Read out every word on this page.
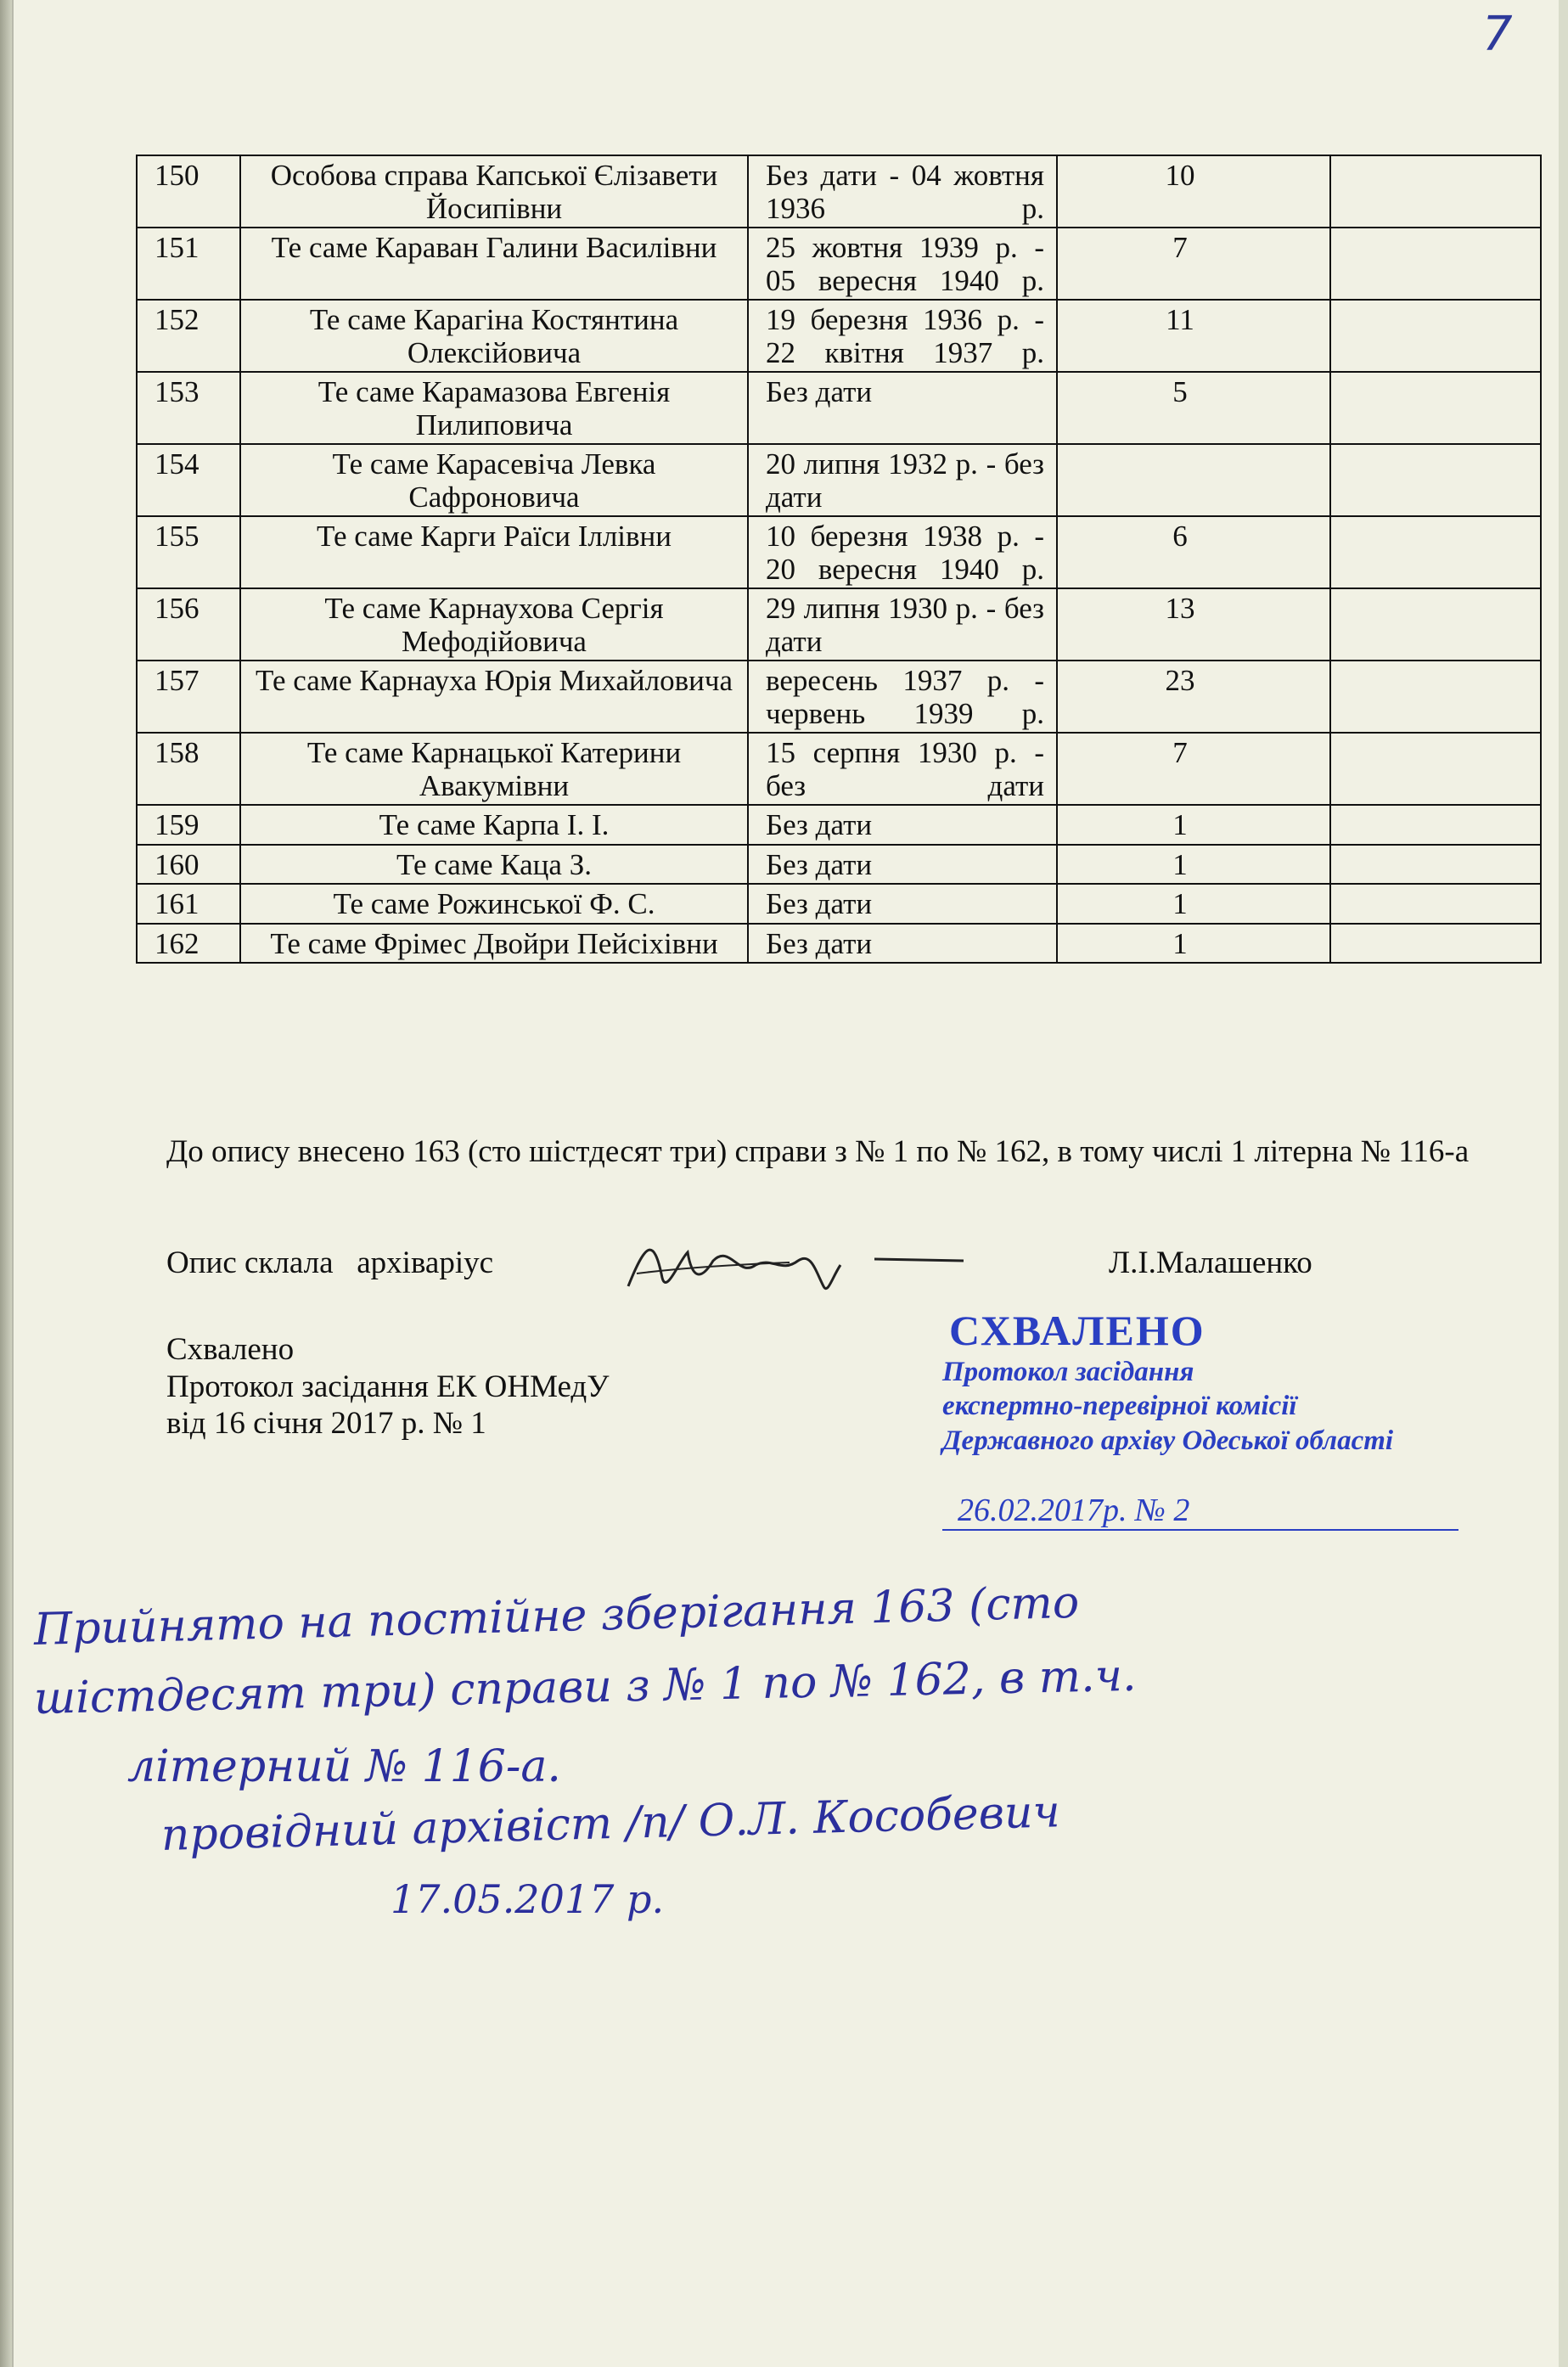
7
150	Особова справа Капської Єлізавети Йосипівни	Без дати - 04 жовтня 1936 р.	10	
151	Те саме Караван Галини Василівни	25 жовтня 1939 р. - 05 вересня 1940 р.	7	
152	Те саме Карагіна Костянтина Олексійовича	19 березня 1936 р. - 22 квітня 1937 р.	11	
153	Те саме Карамазова Евгенія Пилиповича	Без дати	5	
154	Те саме Карасевіча Левка Сафроновича	20 липня 1932 р. - без дати		
155	Те саме Карги Раїси Іллівни	10 березня 1938 р. - 20 вересня 1940 р.	6	
156	Те саме Карнаухова Сергія Мефодійовича	29 липня 1930 р. - без дати	13	
157	Те саме Карнауха Юрія Михайловича	вересень 1937 р. - червень 1939 р.	23	
158	Те саме Карнацької Катерини Авакумівни	15 серпня 1930 р. - без дати	7	
159	Те саме Карпа І. І.	Без дати	1	
160	Те саме Каца З.	Без дати	1	
161	Те саме Рожинської Ф. С.	Без дати	1	
162	Те саме Фрімес Двойри Пейсіхівни	Без дати	1	
До опису внесено 163 (сто шістдесят три) справи з № 1 по № 162, в тому числі 1 літерна № 116-а
Опис склала   архіваріус	Л.І.Малашенко
Схвалено
Протокол засідання ЕК ОНМедУ
від 16 січня 2017 р. № 1
СХВАЛЕНО
Протокол засідання
експертно-перевірної комісії
Державного архіву Одеської області
26.02.2017р. № 2
Прийнято на постійне зберігання 163 (сто
шістдесят три) справи з № 1 по № 162, в т.ч.
літерний № 116-а.
провідний архівіст /п/ О.Л. Кособевич
17.05.2017 р.
